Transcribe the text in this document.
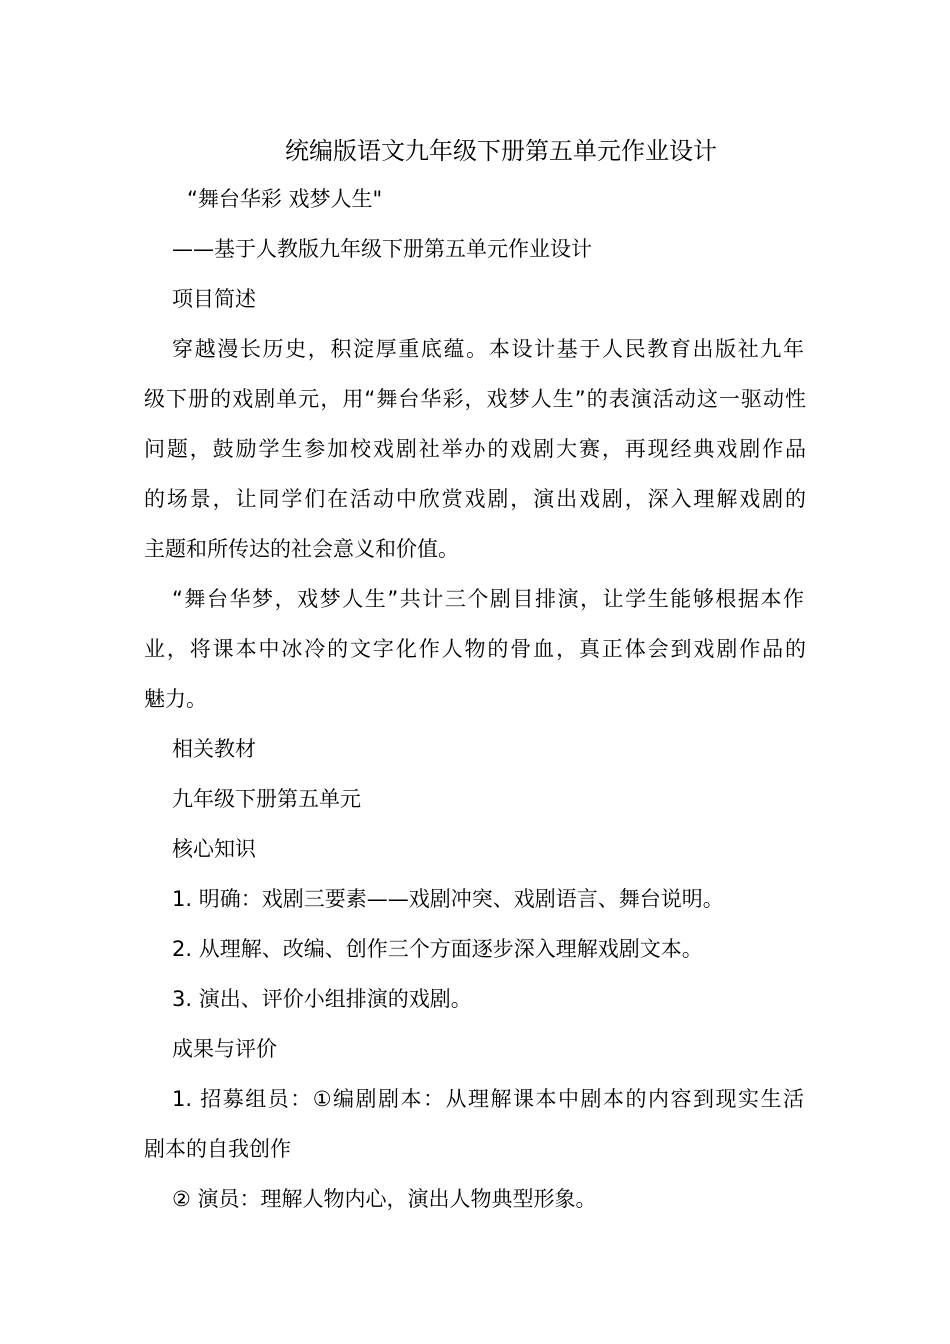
统编版语文九年级下册第五单元作业设计
“舞台华彩 戏梦人生"
——基于人教版九年级下册第五单元作业设计
项目简述
穿越漫长历史，积淀厚重底蕴。本设计基于人民教育出版社九年
级下册的戏剧单元，用“舞台华彩，戏梦人生”的表演活动这一驱动性
问题，鼓励学生参加校戏剧社举办的戏剧大赛，再现经典戏剧作品
的场景，让同学们在活动中欣赏戏剧，演出戏剧，深入理解戏剧的
主题和所传达的社会意义和价值。
“舞台华梦，戏梦人生”共计三个剧目排演，让学生能够根据本作
业，将课本中冰冷的文字化作人物的骨血，真正体会到戏剧作品的
魅力。
相关教材
九年级下册第五单元
核心知识
1. 明确：戏剧三要素——戏剧冲突、戏剧语言、舞台说明。
2. 从理解、改编、创作三个方面逐步深入理解戏剧文本。
3. 演出、评价小组排演的戏剧。
成果与评价
1. 招募组员：①编剧剧本：从理解课本中剧本的内容到现实生活
剧本的自我创作
② 演员：理解人物内心，演出人物典型形象。
